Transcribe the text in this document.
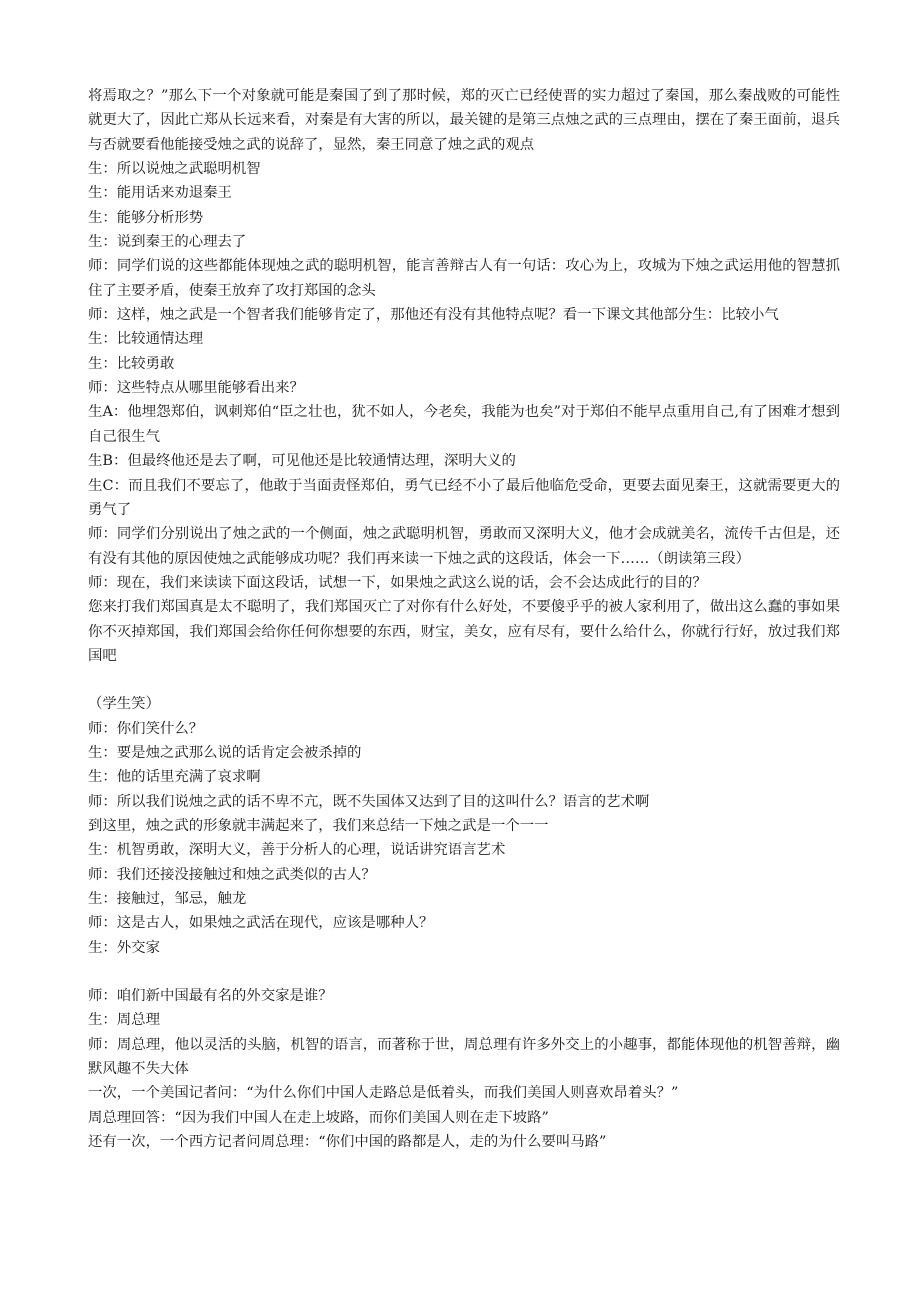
将焉取之？”那么下一个对象就可能是秦国了到了那时候，郑的灭亡已经使晋的实力超过了秦国，那么秦战败的可能性就更大了，因此亡郑从长远来看，对秦是有大害的所以，最关键的是第三点烛之武的三点理由，摆在了秦王面前，退兵与否就要看他能接受烛之武的说辞了，显然，秦王同意了烛之武的观点

生：所以说烛之武聪明机智

生：能用话来劝退秦王

生：能够分析形势

生：说到秦王的心理去了

师：同学们说的这些都能体现烛之武的聪明机智，能言善辩古人有一句话：攻心为上，攻城为下烛之武运用他的智慧抓住了主要矛盾，使秦王放弃了攻打郑国的念头

师：这样，烛之武是一个智者我们能够肯定了，那他还有没有其他特点呢？看一下课文其他部分生：比较小气

生：比较通情达理

生：比较勇敢

师：这些特点从哪里能够看出来？

生A：他埋怨郑伯，讽刺郑伯“臣之壮也，犹不如人，今老矣，我能为也矣”对于郑伯不能早点重用自己,有了困难才想到自己很生气

生B：但最终他还是去了啊，可见他还是比较通情达理，深明大义的

生C：而且我们不要忘了，他敢于当面责怪郑伯，勇气已经不小了最后他临危受命，更要去面见秦王，这就需要更大的勇气了

师：同学们分别说出了烛之武的一个侧面，烛之武聪明机智，勇敢而又深明大义，他才会成就美名，流传千古但是，还有没有其他的原因使烛之武能够成功呢？我们再来读一下烛之武的这段话，体会一下……（朗读第三段）

师：现在，我们来读读下面这段话，试想一下，如果烛之武这么说的话，会不会达成此行的目的？

您来打我们郑国真是太不聪明了，我们郑国灭亡了对你有什么好处，不要傻乎乎的被人家利用了，做出这么蠢的事如果你不灭掉郑国，我们郑国会给你任何你想要的东西，财宝，美女，应有尽有，要什么给什么，你就行行好，放过我们郑国吧

（学生笑）

师：你们笑什么？

生：要是烛之武那么说的话肯定会被杀掉的

生：他的话里充满了哀求啊

师：所以我们说烛之武的话不卑不亢，既不失国体又达到了目的这叫什么？语言的艺术啊

到这里，烛之武的形象就丰满起来了，我们来总结一下烛之武是一个一一

生：机智勇敢，深明大义，善于分析人的心理，说话讲究语言艺术

师：我们还接没接触过和烛之武类似的古人？

生：接触过，邹忌，触龙

师：这是古人，如果烛之武活在现代，应该是哪种人？

生：外交家

师：咱们新中国最有名的外交家是谁？

生：周总理

师：周总理，他以灵活的头脑，机智的语言，而著称于世，周总理有许多外交上的小趣事，都能体现他的机智善辩，幽默风趣不失大体

一次，一个美国记者问：“为什么你们中国人走路总是低着头，而我们美国人则喜欢昂着头？”

周总理回答：“因为我们中国人在走上坡路，而你们美国人则在走下坡路”

还有一次，一个西方记者问周总理：“你们中国的路都是人，走的为什么要叫马路”
